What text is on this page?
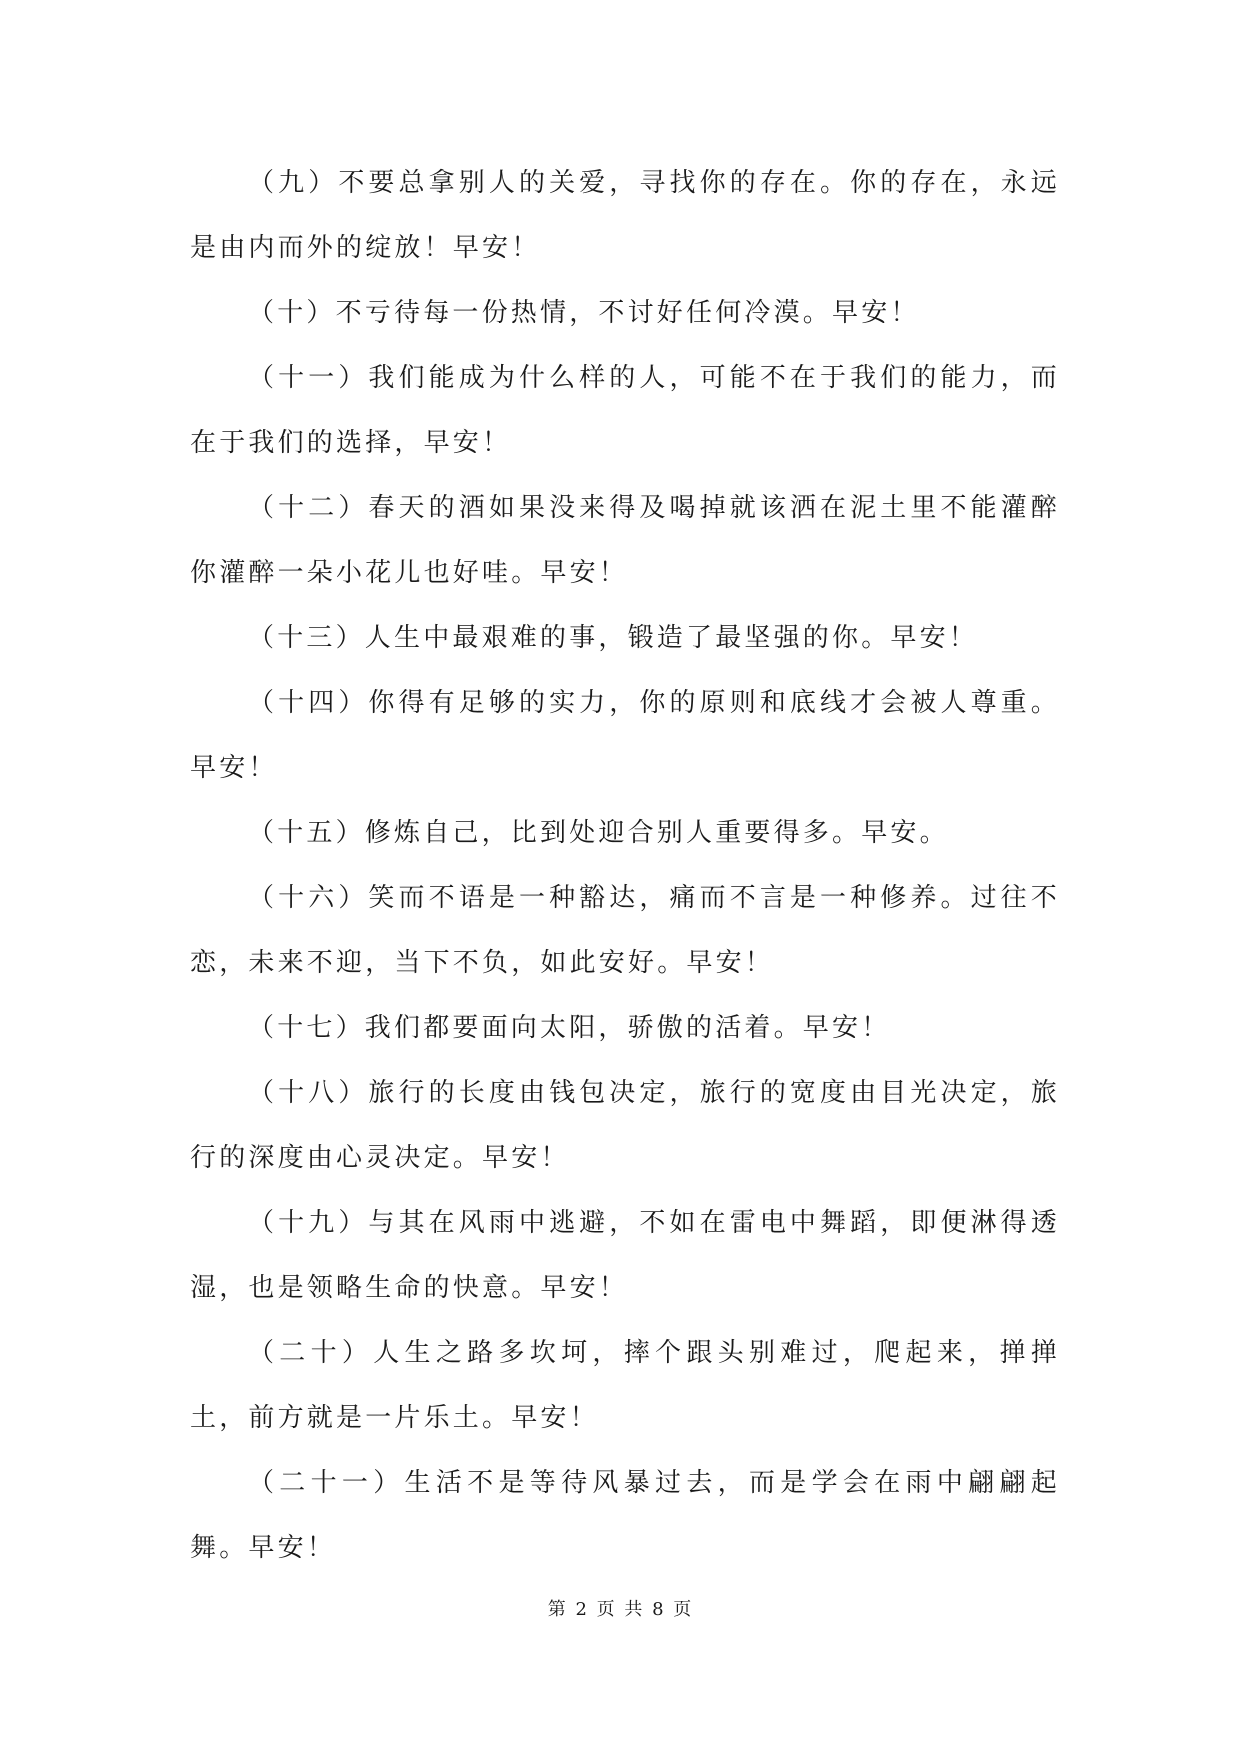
（九）不要总拿别人的关爱，寻找你的存在。你的存在，永远是由内而外的绽放！早安！

（十）不亏待每一份热情，不讨好任何冷漠。早安！

（十一）我们能成为什么样的人，可能不在于我们的能力，而在于我们的选择，早安！

（十二）春天的酒如果没来得及喝掉就该洒在泥土里不能灌醉你灌醉一朵小花儿也好哇。早安！

（十三）人生中最艰难的事，锻造了最坚强的你。早安！

（十四）你得有足够的实力，你的原则和底线才会被人尊重。早安！

（十五）修炼自己，比到处迎合别人重要得多。早安。

（十六）笑而不语是一种豁达，痛而不言是一种修养。过往不恋，未来不迎，当下不负，如此安好。早安！

（十七）我们都要面向太阳，骄傲的活着。早安！

（十八）旅行的长度由钱包决定，旅行的宽度由目光决定，旅行的深度由心灵决定。早安！

（十九）与其在风雨中逃避，不如在雷电中舞蹈，即便淋得透湿，也是领略生命的快意。早安！

（二十）人生之路多坎坷，摔个跟头别难过，爬起来，掸掸土，前方就是一片乐土。早安！

（二十一）生活不是等待风暴过去，而是学会在雨中翩翩起舞。早安！

第 2 页 共 8 页
